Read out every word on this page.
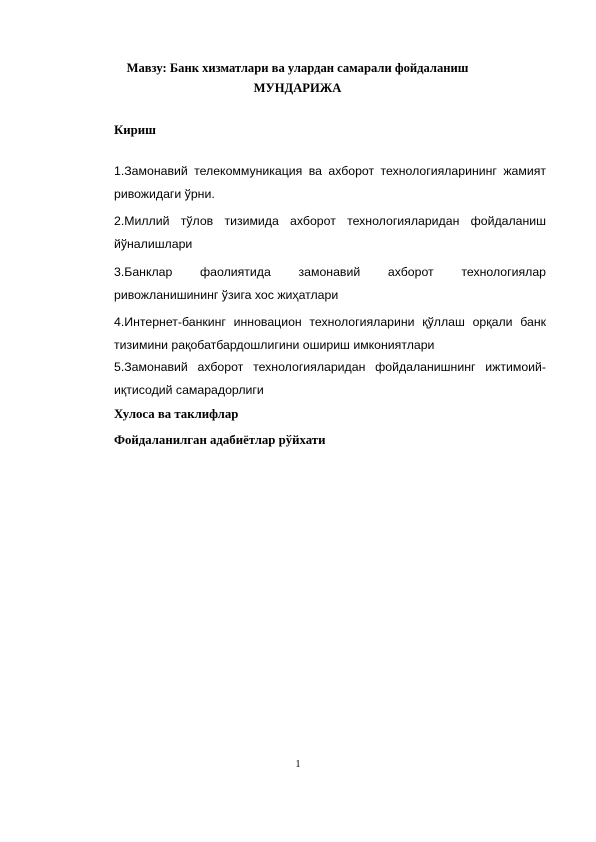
Мавзу: Банк хизматлари ва улардан самарали фойдаланиш
МУНДАРИЖА
Кириш
1.Замонавий телекоммуникация ва ахборот технологияларининг жамият ривожидаги ўрни.
2.Миллий тўлов тизимида ахборот технологияларидан фойдаланиш йўналишлари
3.Банклар фаолиятида замонавий ахборот технологиялар ривожланишининг ўзига хос жиҳатлари
4.Интернет-банкинг инновацион технологияларини қўллаш орқали банк тизимини рақобатбардошлигини ошириш имкониятлари
5.Замонавий ахборот технологияларидан фойдаланишнинг ижтимоий-иқтисодий самарадорлиги
Хулоса ва таклифлар
Фойдаланилган адабиётлар рўйхати
1
